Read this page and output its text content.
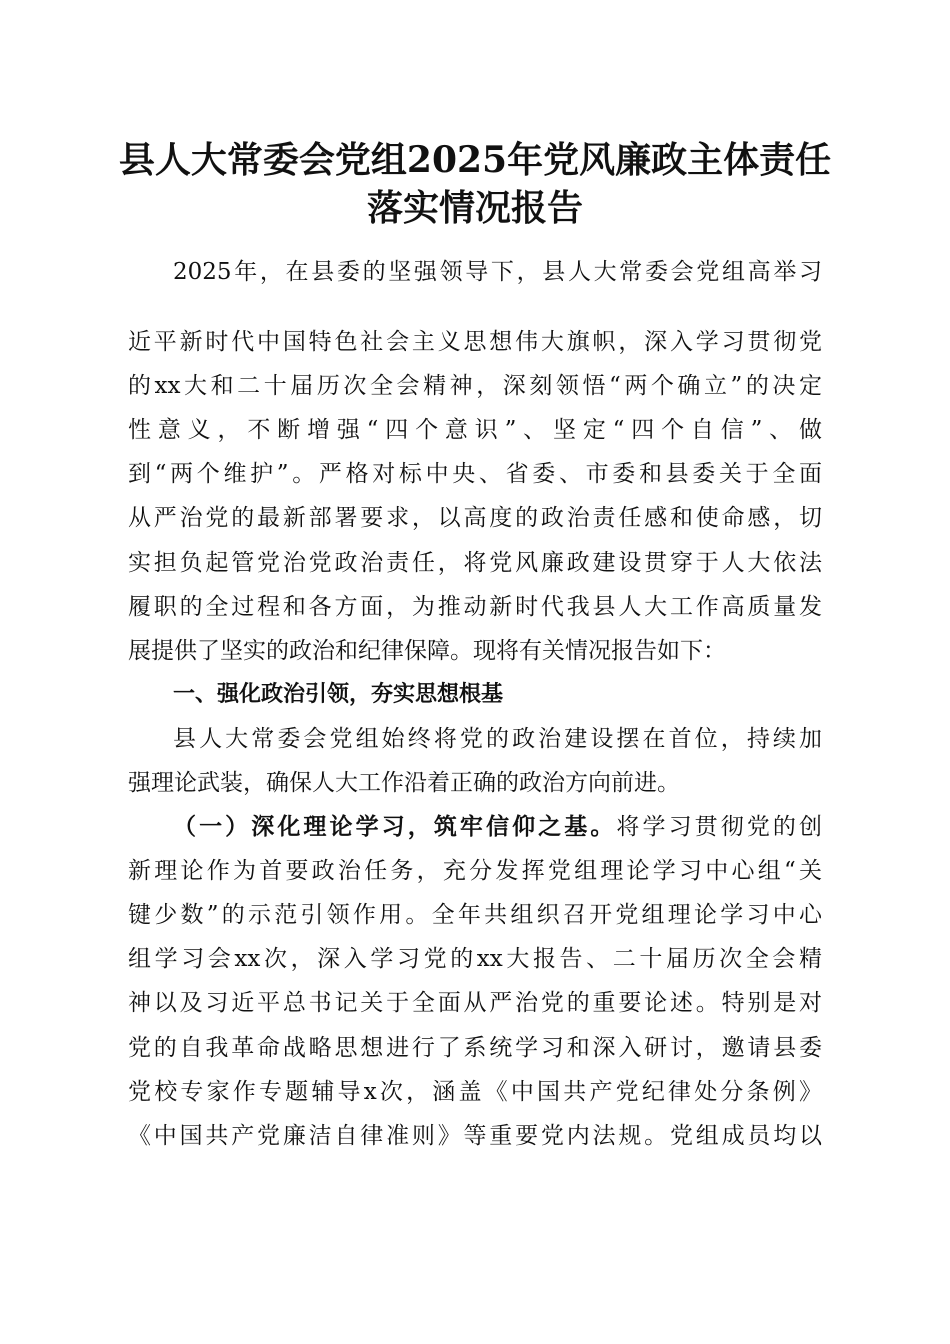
县人大常委会党组2025年党风廉政主体责任
落实情况报告
2025年，在县委的坚强领导下，县人大常委会党组高举习
近平新时代中国特色社会主义思想伟大旗帜，深入学习贯彻党
的xx大和二十届历次全会精神，深刻领悟“两个确立”的决定
性意义，不断增强“四个意识”、坚定“四个自信”、做
到“两个维护”。严格对标中央、省委、市委和县委关于全面
从严治党的最新部署要求，以高度的政治责任感和使命感，切
实担负起管党治党政治责任，将党风廉政建设贯穿于人大依法
履职的全过程和各方面，为推动新时代我县人大工作高质量发
展提供了坚实的政治和纪律保障。现将有关情况报告如下：
一、强化政治引领，夯实思想根基
县人大常委会党组始终将党的政治建设摆在首位，持续加
强理论武装，确保人大工作沿着正确的政治方向前进。
（一）深化理论学习，筑牢信仰之基。将学习贯彻党的创
新理论作为首要政治任务，充分发挥党组理论学习中心组“关
键少数”的示范引领作用。全年共组织召开党组理论学习中心
组学习会xx次，深入学习党的xx大报告、二十届历次全会精
神以及习近平总书记关于全面从严治党的重要论述。特别是对
党的自我革命战略思想进行了系统学习和深入研讨，邀请县委
党校专家作专题辅导x次，涵盖《中国共产党纪律处分条例》
《中国共产党廉洁自律准则》等重要党内法规。党组成员均以
